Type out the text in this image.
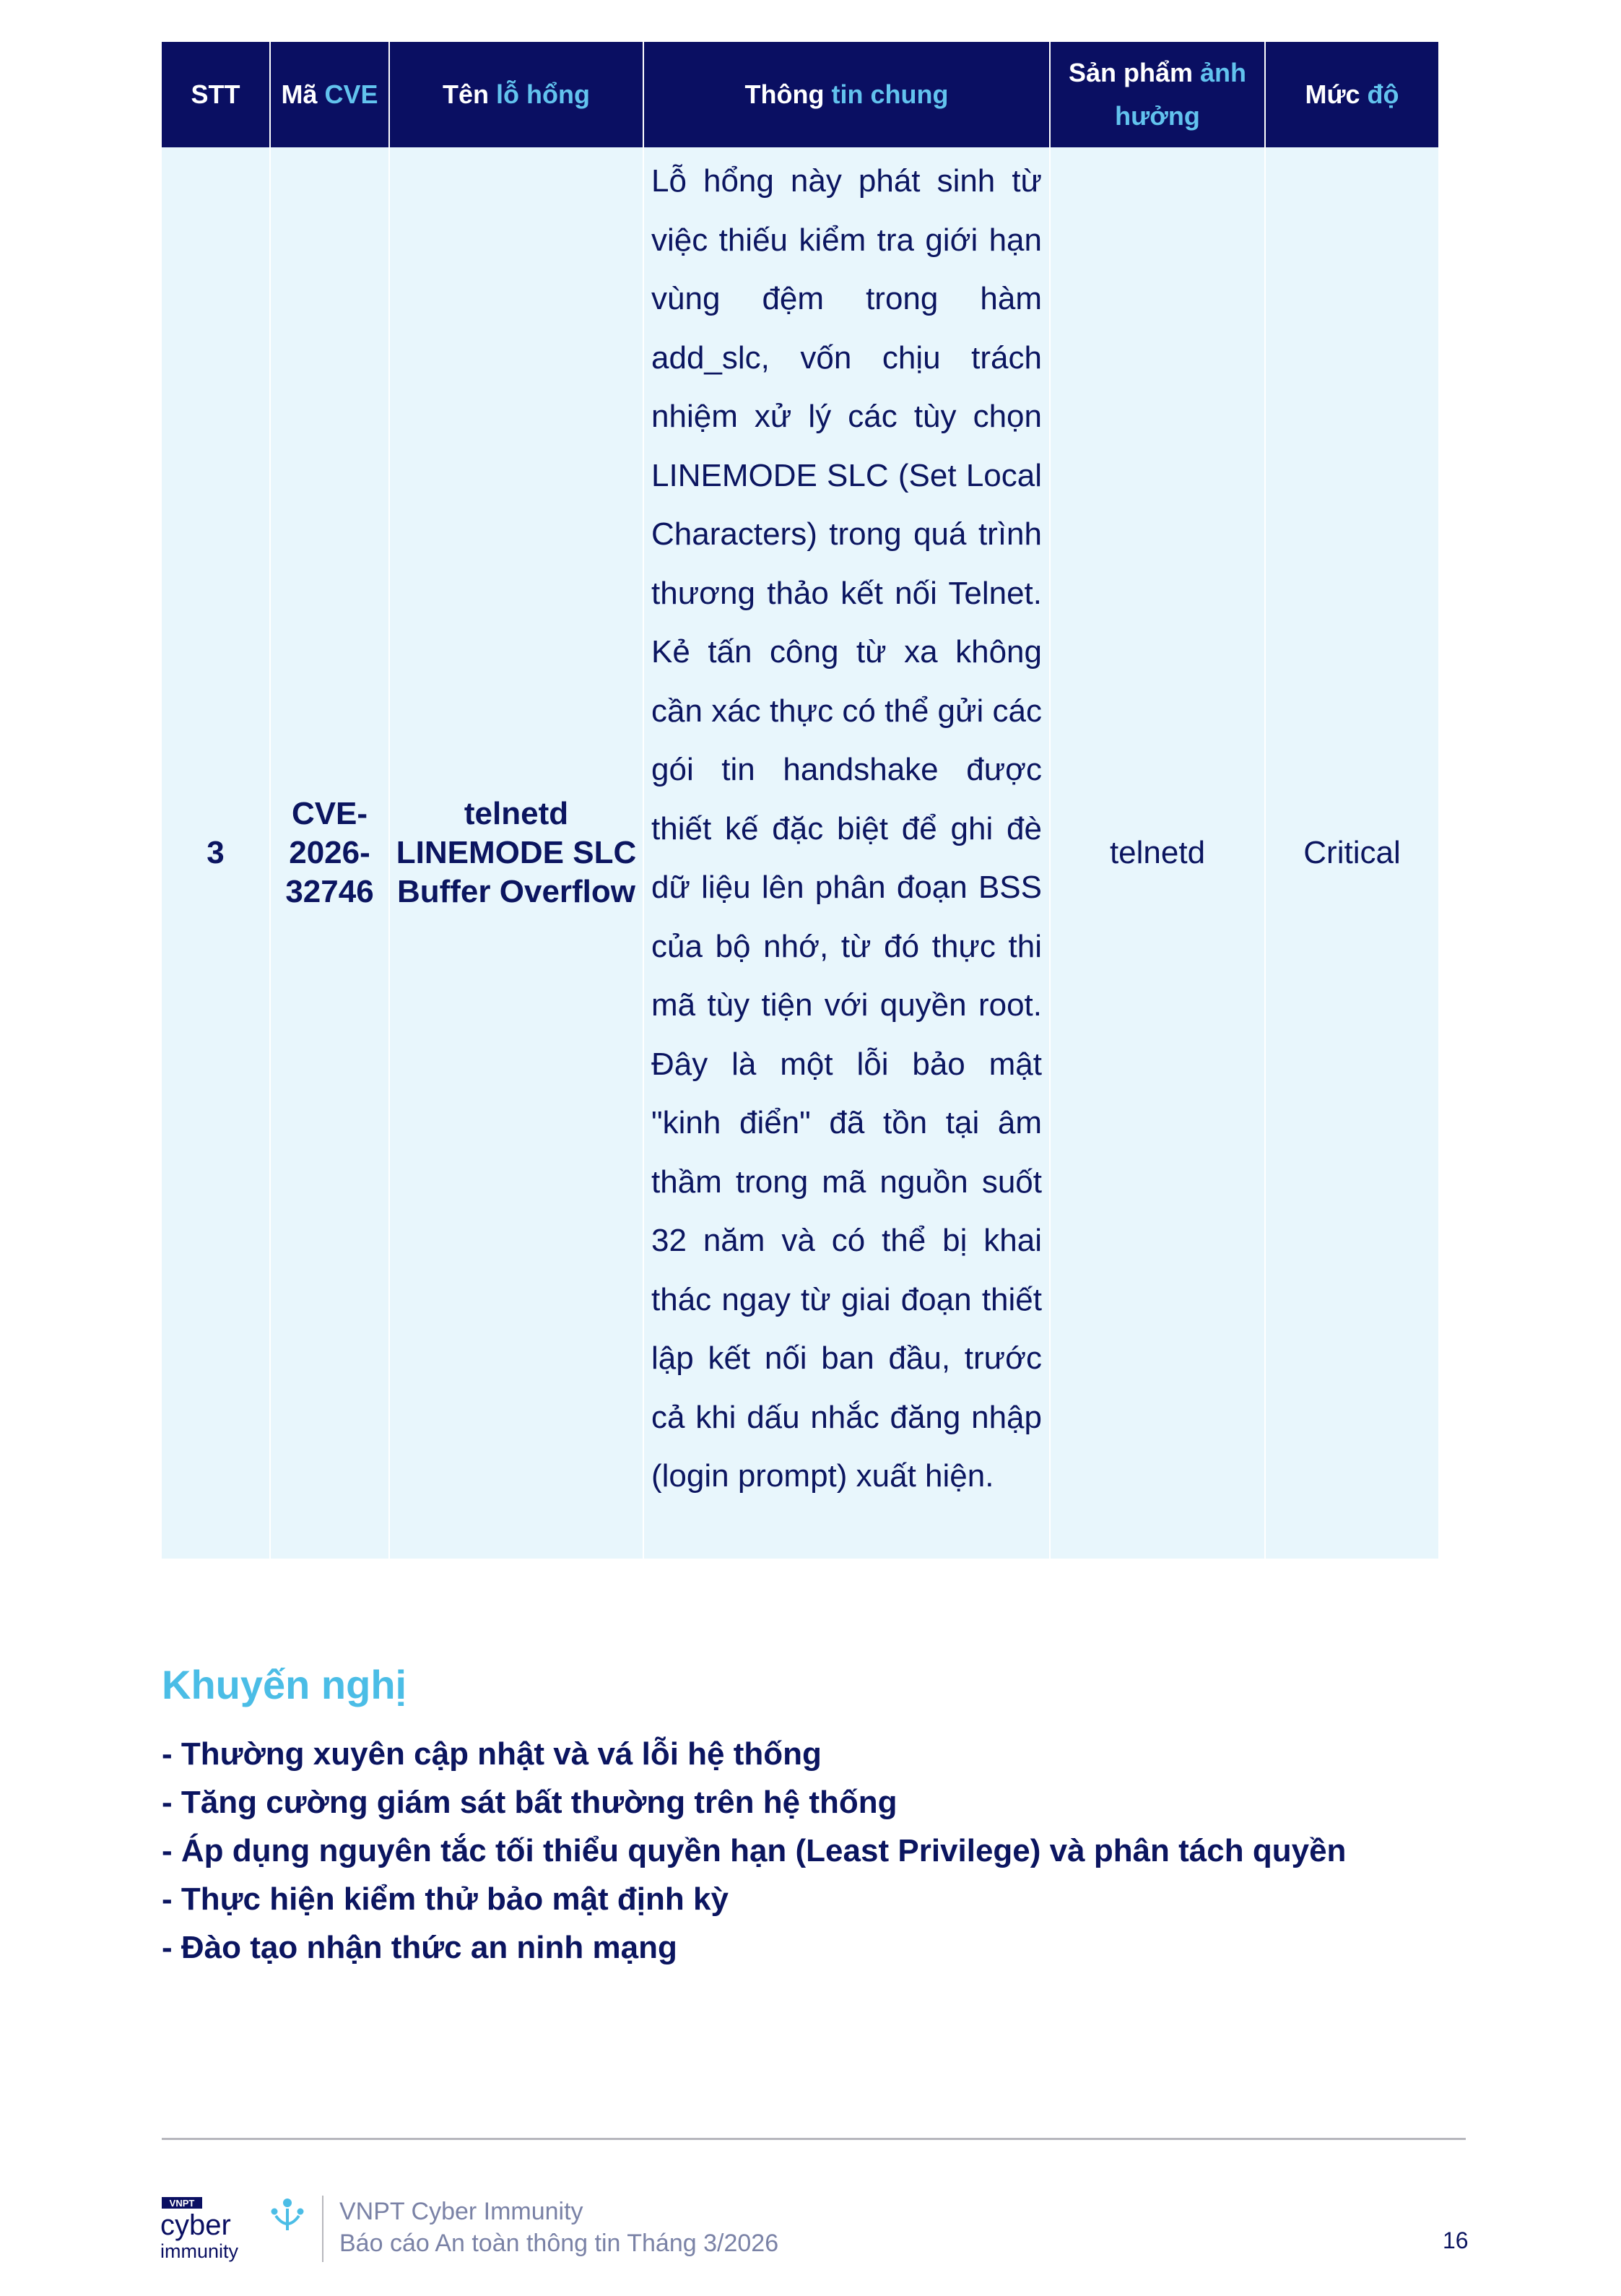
STT	Mã CVE	Tên lỗ hổng	Thông tin chung	Sản phẩm ảnh hưởng	Mức độ
3	CVE-2026-32746	telnetd LINEMODE SLC Buffer Overflow	Lỗ hổng này phát sinh từ việc thiếu kiểm tra giới hạn vùng đệm trong hàm add_slc, vốn chịu trách nhiệm xử lý các tùy chọn LINEMODE SLC (Set Local Characters) trong quá trình thương thảo kết nối Telnet. Kẻ tấn công từ xa không cần xác thực có thể gửi các gói tin handshake được thiết kế đặc biệt để ghi đè dữ liệu lên phân đoạn BSS của bộ nhớ, từ đó thực thi mã tùy tiện với quyền root. Đây là một lỗi bảo mật "kinh điển" đã tồn tại âm thầm trong mã nguồn suốt 32 năm và có thể bị khai thác ngay từ giai đoạn thiết lập kết nối ban đầu, trước cả khi dấu nhắc đăng nhập (login prompt) xuất hiện.	telnetd	Critical
Khuyến nghị
- Thường xuyên cập nhật và vá lỗi hệ thống
- Tăng cường giám sát bất thường trên hệ thống
- Áp dụng nguyên tắc tối thiểu quyền hạn (Least Privilege) và phân tách quyền
- Thực hiện kiểm thử bảo mật định kỳ
- Đào tạo nhận thức an ninh mạng
VNPT
cyber
immunity
VNPT Cyber Immunity
Báo cáo An toàn thông tin Tháng 3/2026	16
